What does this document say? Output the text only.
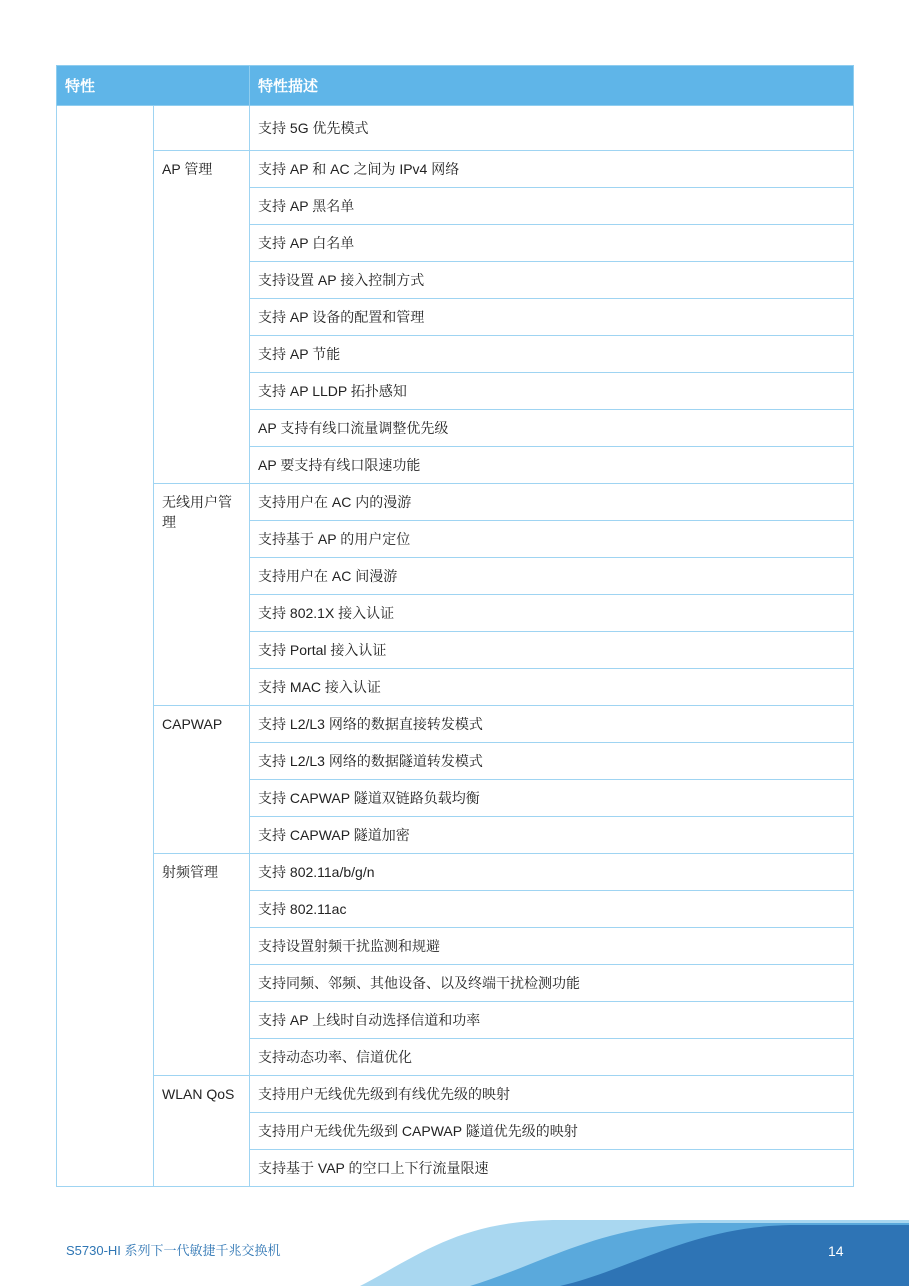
特性		特性描述
		支持 5G 优先模式
	AP 管理	支持 AP 和 AC 之间为 IPv4 网络
		支持 AP 黑名单
		支持 AP 白名单
		支持设置 AP 接入控制方式
		支持 AP 设备的配置和管理
		支持 AP 节能
		支持 AP LLDP 拓扑感知
		AP 支持有线口流量调整优先级
		AP 要支持有线口限速功能
	无线用户管理	支持用户在 AC 内的漫游
		支持基于 AP 的用户定位
		支持用户在 AC 间漫游
		支持 802.1X 接入认证
		支持 Portal 接入认证
		支持 MAC 接入认证
	CAPWAP	支持 L2/L3 网络的数据直接转发模式
		支持 L2/L3 网络的数据隧道转发模式
		支持 CAPWAP 隧道双链路负载均衡
		支持 CAPWAP 隧道加密
	射频管理	支持 802.11a/b/g/n
		支持 802.11ac
		支持设置射频干扰监测和规避
		支持同频、邻频、其他设备、以及终端干扰检测功能
		支持 AP 上线时自动选择信道和功率
		支持动态功率、信道优化
	WLAN QoS	支持用户无线优先级到有线优先级的映射
		支持用户无线优先级到 CAPWAP 隧道优先级的映射
		支持基于 VAP 的空口上下行流量限速
S5730-HI 系列下一代敏捷千兆交换机	14
